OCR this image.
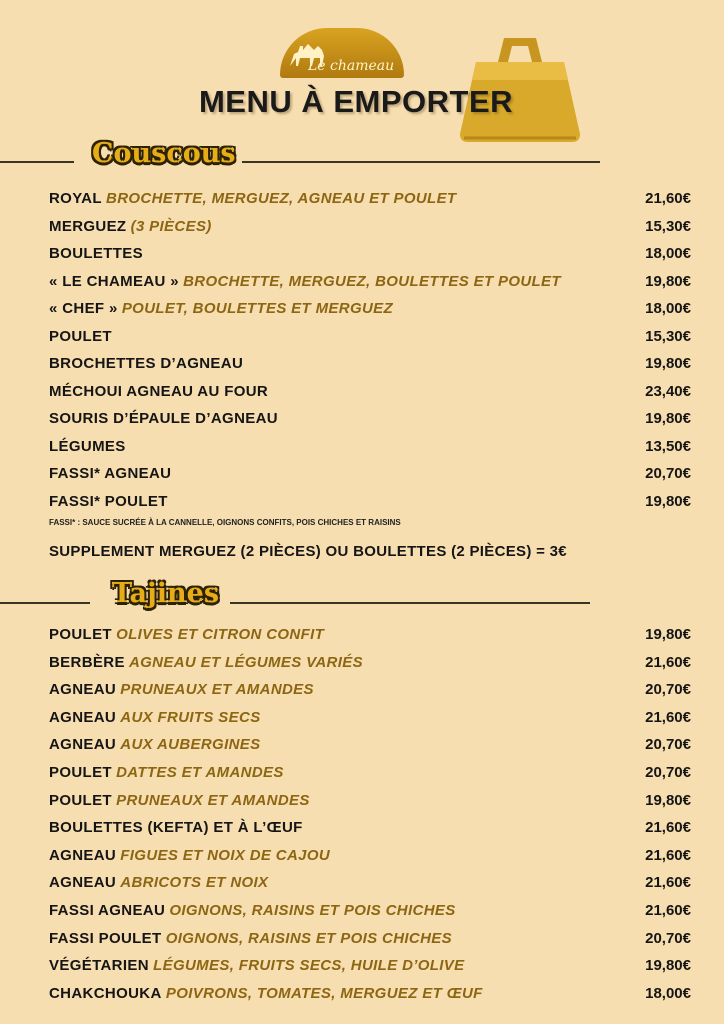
Le chameau
MENU À EMPORTER
Couscous
ROYAL BROCHETTE, MERGUEZ, AGNEAU ET POULET	21,60€
MERGUEZ (3 PIÈCES)	15,30€
BOULETTES	18,00€
« LE CHAMEAU » BROCHETTE, MERGUEZ, BOULETTES ET POULET	19,80€
« CHEF » POULET, BOULETTES ET MERGUEZ	18,00€
POULET	15,30€
BROCHETTES D’AGNEAU	19,80€
MÉCHOUI AGNEAU AU FOUR	23,40€
SOURIS D’ÉPAULE D’AGNEAU	19,80€
LÉGUMES	13,50€
FASSI* AGNEAU	20,70€
FASSI* POULET	19,80€
FASSI* : SAUCE SUCRÉE À LA CANNELLE, OIGNONS CONFITS, POIS CHICHES ET RAISINS
SUPPLEMENT MERGUEZ (2 PIÈCES) OU BOULETTES (2 PIÈCES) = 3€
Tajines
POULET OLIVES ET CITRON CONFIT	19,80€
BERBÈRE AGNEAU ET LÉGUMES VARIÉS	21,60€
AGNEAU PRUNEAUX ET AMANDES	20,70€
AGNEAU AUX FRUITS SECS	21,60€
AGNEAU AUX AUBERGINES	20,70€
POULET DATTES ET AMANDES	20,70€
POULET PRUNEAUX ET AMANDES	19,80€
BOULETTES (KEFTA) ET À L’ŒUF	21,60€
AGNEAU FIGUES ET NOIX DE CAJOU	21,60€
AGNEAU ABRICOTS ET NOIX	21,60€
FASSI AGNEAU OIGNONS, RAISINS ET POIS CHICHES	21,60€
FASSI POULET OIGNONS, RAISINS ET POIS CHICHES	20,70€
VÉGÉTARIEN LÉGUMES, FRUITS SECS, HUILE D’OLIVE	19,80€
CHAKCHOUKA POIVRONS, TOMATES, MERGUEZ ET ŒUF	18,00€
